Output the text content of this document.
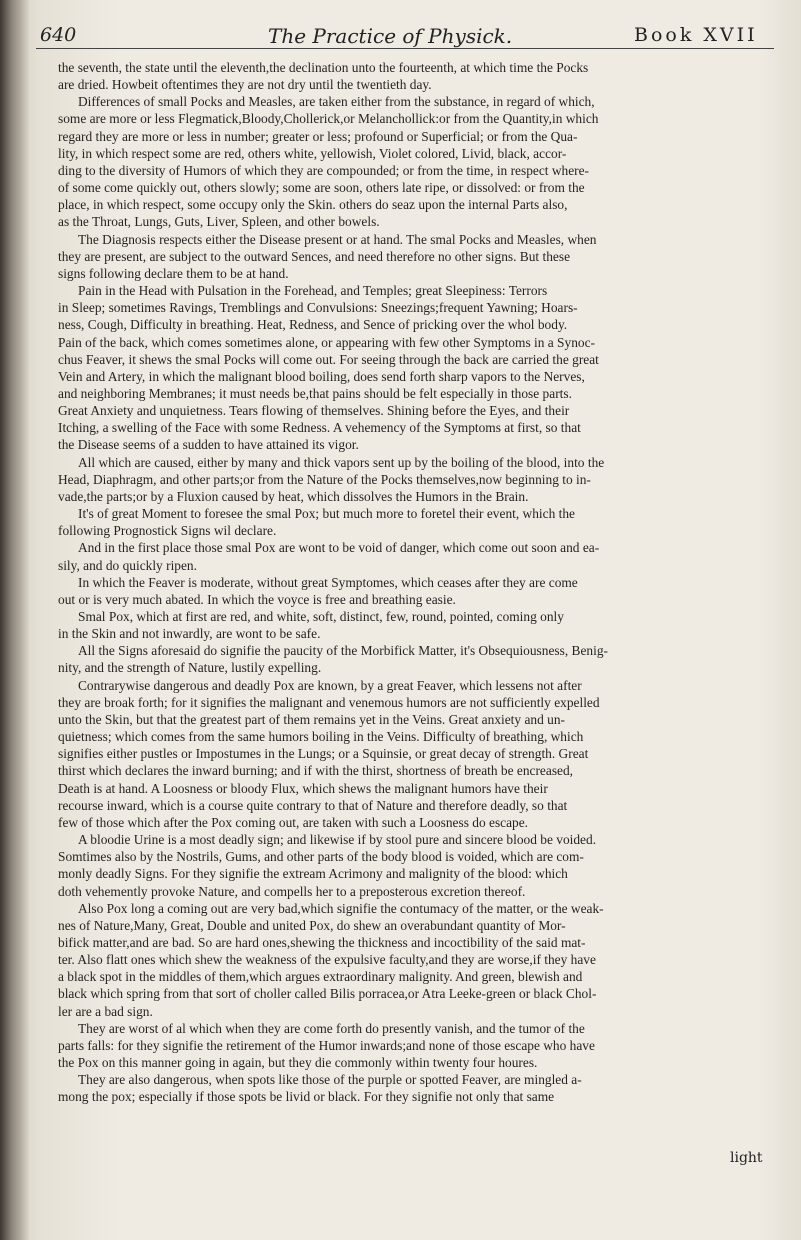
640	The Practice of Physick.	Book XVII
the seventh, the state until the eleventh,the declination unto the fourteenth, at which time the Pocks
are dried. Howbeit oftentimes they are not dry until the twentieth day.
Differences of small Pocks and Measles, are taken either from the substance, in regard of which,
some are more or less Flegmatick,Bloody,Chollerick,or Melanchollick:or from the Quantity,in which
regard they are more or less in number; greater or less; profound or Superficial; or from the Qua-
lity, in which respect some are red, others white, yellowish, Violet colored, Livid, black, accor-
ding to the diversity of Humors of which they are compounded; or from the time, in respect where-
of some come quickly out, others slowly; some are soon, others late ripe, or dissolved: or from the
place, in which respect, some occupy only the Skin. others do seaz upon the internal Parts also,
as the Throat, Lungs, Guts, Liver, Spleen, and other bowels.
The Diagnosis respects either the Disease present or at hand. The smal Pocks and Measles, when
they are present, are subject to the outward Sences, and need therefore no other signs. But these
signs following declare them to be at hand.
Pain in the Head with Pulsation in the Forehead, and Temples; great Sleepiness: Terrors
in Sleep; sometimes Ravings, Tremblings and Convulsions: Sneezings;frequent Yawning; Hoars-
ness, Cough, Difficulty in breathing. Heat, Redness, and Sence of pricking over the whol body.
Pain of the back, which comes sometimes alone, or appearing with few other Symptoms in a Synoc-
chus Feaver, it shews the smal Pocks will come out. For seeing through the back are carried the great
Vein and Artery, in which the malignant blood boiling, does send forth sharp vapors to the Nerves,
and neighboring Membranes; it must needs be,that pains should be felt especially in those parts.
Great Anxiety and unquietness. Tears flowing of themselves. Shining before the Eyes, and their
Itching, a swelling of the Face with some Redness. A vehemency of the Symptoms at first, so that
the Disease seems of a sudden to have attained its vigor.
All which are caused, either by many and thick vapors sent up by the boiling of the blood, into the
Head, Diaphragm, and other parts;or from the Nature of the Pocks themselves,now beginning to in-
vade,the parts;or by a Fluxion caused by heat, which dissolves the Humors in the Brain.
It's of great Moment to foresee the smal Pox; but much more to foretel their event, which the
following Prognostick Signs wil declare.
And in the first place those smal Pox are wont to be void of danger, which come out soon and ea-
sily, and do quickly ripen.
In which the Feaver is moderate, without great Symptomes, which ceases after they are come
out or is very much abated. In which the voyce is free and breathing easie.
Smal Pox, which at first are red, and white, soft, distinct, few, round, pointed, coming only
in the Skin and not inwardly, are wont to be safe.
All the Signs aforesaid do signifie the paucity of the Morbifick Matter, it's Obsequiousness, Benig-
nity, and the strength of Nature, lustily expelling.
Contrarywise dangerous and deadly Pox are known, by a great Feaver, which lessens not after
they are broak forth; for it signifies the malignant and venemous humors are not sufficiently expelled
unto the Skin, but that the greatest part of them remains yet in the Veins. Great anxiety and un-
quietness; which comes from the same humors boiling in the Veins. Difficulty of breathing, which
signifies either pustles or Impostumes in the Lungs; or a Squinsie, or great decay of strength. Great
thirst which declares the inward burning; and if with the thirst, shortness of breath be encreased,
Death is at hand. A Loosness or bloody Flux, which shews the malignant humors have their
recourse inward, which is a course quite contrary to that of Nature and therefore deadly, so that
few of those which after the Pox coming out, are taken with such a Loosness do escape.
A bloodie Urine is a most deadly sign; and likewise if by stool pure and sincere blood be voided.
Somtimes also by the Nostrils, Gums, and other parts of the body blood is voided, which are com-
monly deadly Signs. For they signifie the extream Acrimony and malignity of the blood: which
doth vehemently provoke Nature, and compells her to a preposterous excretion thereof.
Also Pox long a coming out are very bad,which signifie the contumacy of the matter, or the weak-
nes of Nature,Many, Great, Double and united Pox, do shew an overabundant quantity of Mor-
bifick matter,and are bad. So are hard ones,shewing the thickness and incoctibility of the said mat-
ter. Also flatt ones which shew the weakness of the expulsive faculty,and they are worse,if they have
a black spot in the middles of them,which argues extraordinary malignity. And green, blewish and
black which spring from that sort of choller called Bilis porracea,or Atra Leeke-green or black Chol-
ler are a bad sign.
They are worst of al which when they are come forth do presently vanish, and the tumor of the
parts falls: for they signifie the retirement of the Humor inwards;and none of those escape who have
the Pox on this manner going in again, but they die commonly within twenty four houres.
They are also dangerous, when spots like those of the purple or spotted Feaver, are mingled a-
mong the pox; especially if those spots be livid or black. For they signifie not only that same
light
